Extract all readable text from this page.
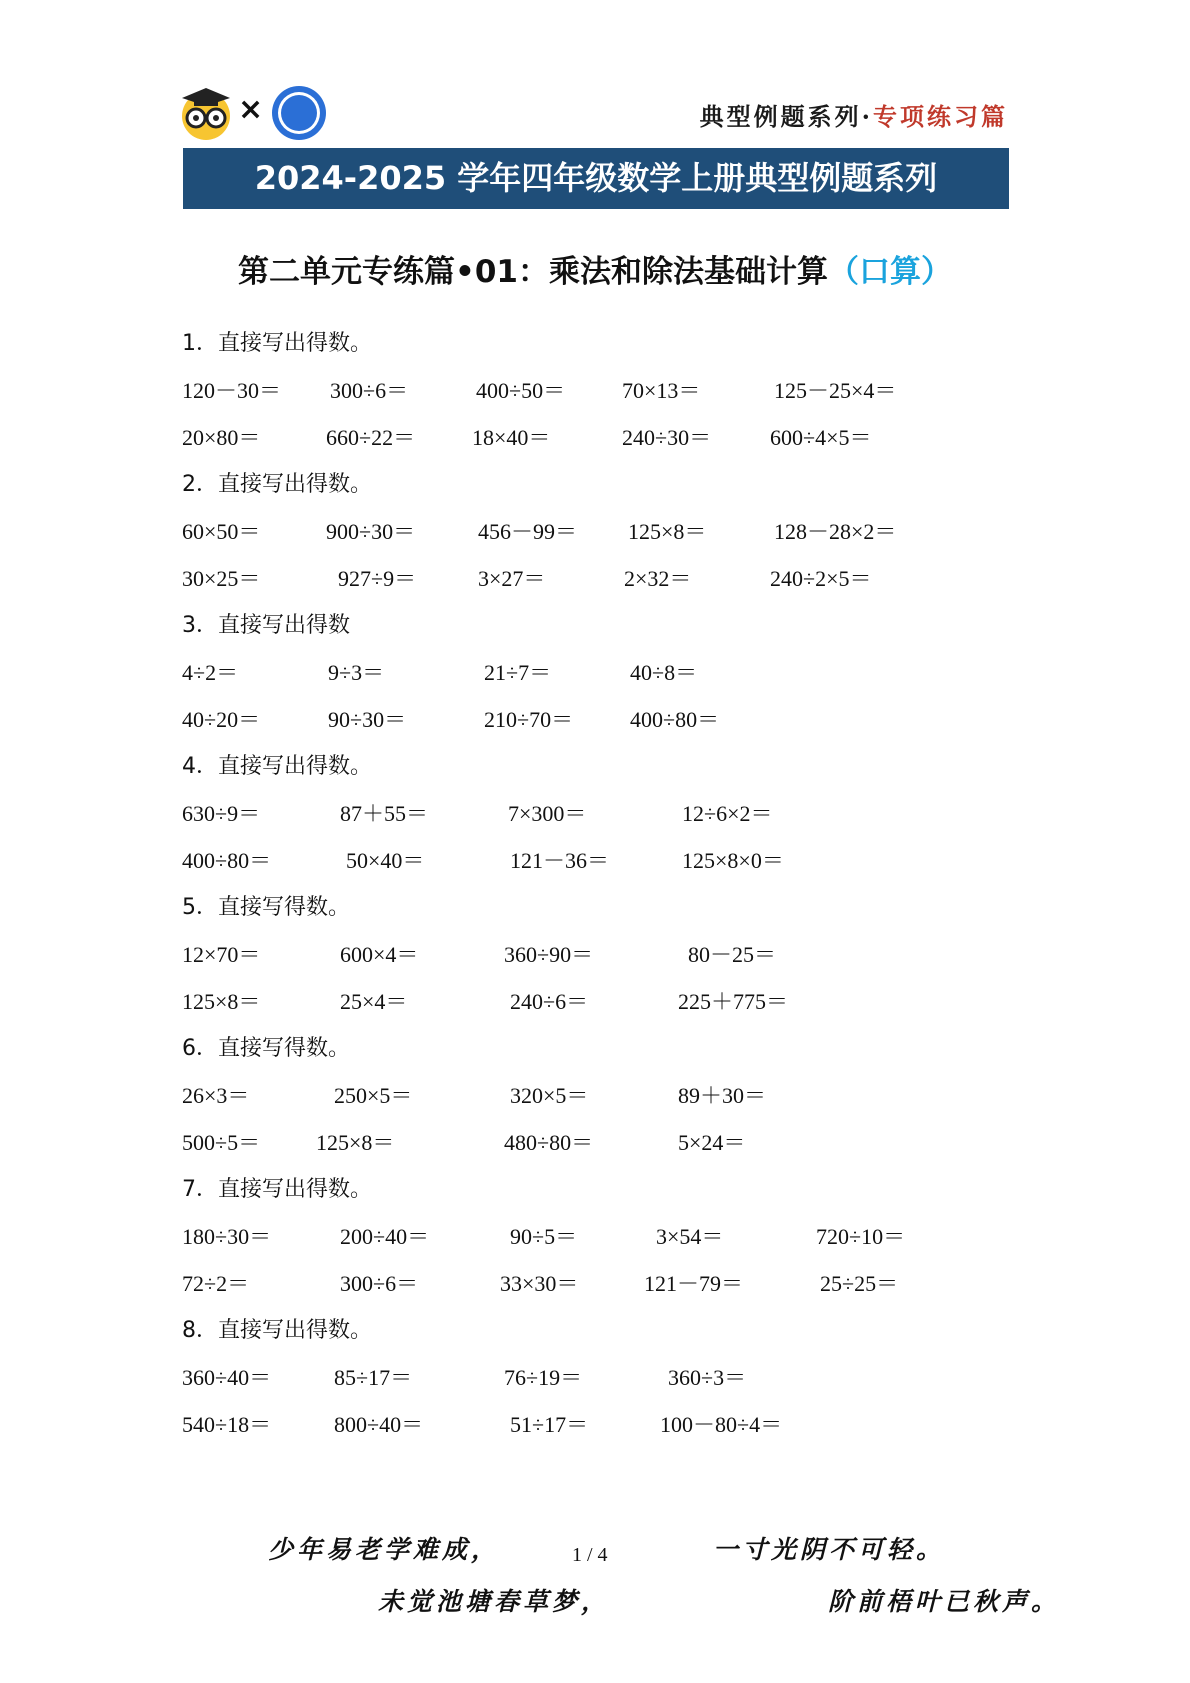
×	典型例题系列·专项练习篇
2024-2025 学年四年级数学上册典型例题系列
第二单元专练篇•01：乘法和除法基础计算（口算）
1．直接写出得数。
120－30＝ 300÷6＝	400÷50＝	70×13＝	125－25×4＝
20×80＝	660÷22＝	18×40＝	240÷30＝	600÷4×5＝
2．直接写出得数。
60×50＝	900÷30＝	456－99＝ 125×8＝	128－28×2＝
30×25＝	927÷9＝	3×27＝	2×32＝	240÷2×5＝
3．直接写出得数
4÷2＝	9÷3＝	21÷7＝	40÷8＝
40÷20＝	90÷30＝	210÷70＝	400÷80＝
4．直接写出得数。
630÷9＝	87＋55＝	7×300＝	12÷6×2＝
400÷80＝	50×40＝	121－36＝	125×8×0＝
5．直接写得数。
12×70＝	600×4＝	360÷90＝	80－25＝
125×8＝	25×4＝	240÷6＝	225＋775＝
6．直接写得数。
26×3＝	250×5＝	320×5＝	89＋30＝
500÷5＝	125×8＝	480÷80＝	5×24＝
7．直接写出得数。
180÷30＝	200÷40＝	90÷5＝	3×54＝	720÷10＝
72÷2＝	300÷6＝	33×30＝	121－79＝	25÷25＝
8．直接写出得数。
360÷40＝	85÷17＝	76÷19＝	360÷3＝
540÷18＝	800÷40＝	51÷17＝	100－80÷4＝
少年易老学难成，	1 / 4	一寸光阴不可轻。
未觉池塘春草梦，	阶前梧叶已秋声。
